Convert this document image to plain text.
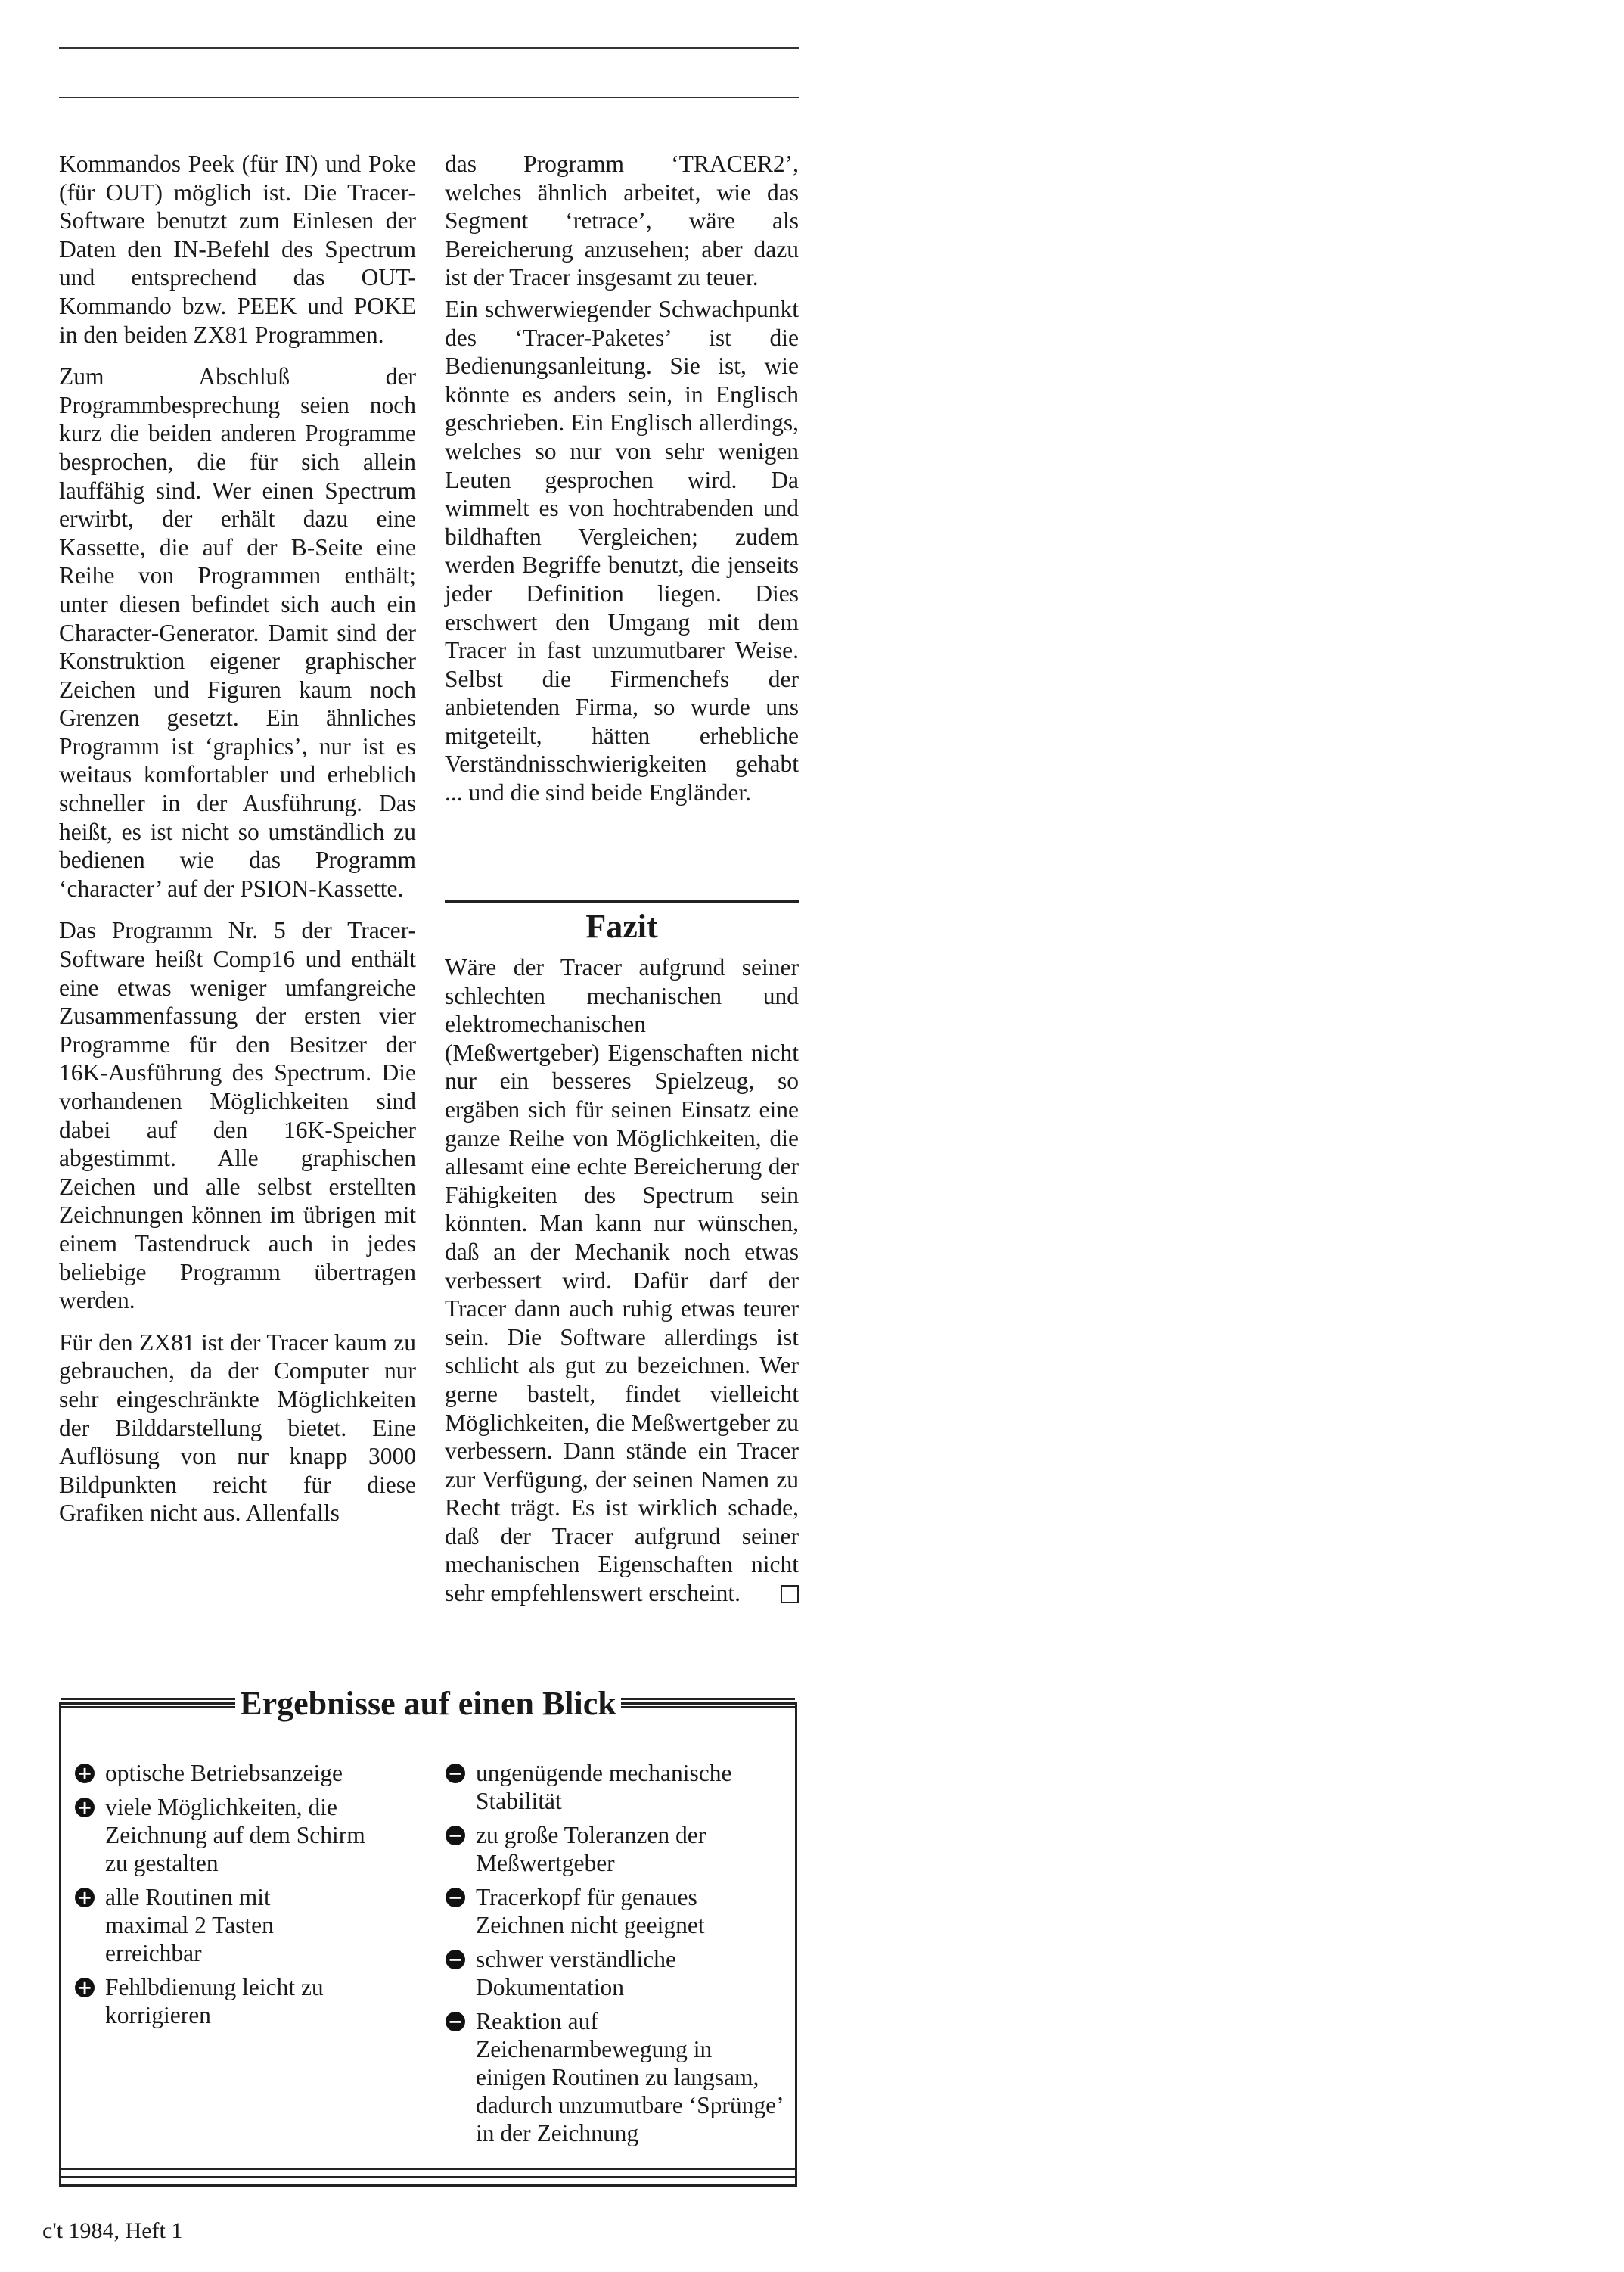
Kommandos Peek (für IN) und Poke (für OUT) möglich ist. Die Tracer-Software benutzt zum Einlesen der Daten den IN-Befehl des Spectrum und entsprechend das OUT-Kommando bzw. PEEK und POKE in den beiden ZX81 Programmen.

Zum Abschluß der Programmbesprechung seien noch kurz die beiden anderen Programme besprochen, die für sich allein lauffähig sind. Wer einen Spectrum erwirbt, der erhält dazu eine Kassette, die auf der B-Seite eine Reihe von Programmen enthält; unter diesen befindet sich auch ein Character-Generator. Damit sind der Konstruktion eigener graphischer Zeichen und Figuren kaum noch Grenzen gesetzt. Ein ähnliches Programm ist ‘graphics’, nur ist es weitaus komfortabler und erheblich schneller in der Ausführung. Das heißt, es ist nicht so umständlich zu bedienen wie das Programm ‘character’ auf der PSION-Kassette.

Das Programm Nr. 5 der Tracer-Software heißt Comp16 und enthält eine etwas weniger umfangreiche Zusammenfassung der ersten vier Programme für den Besitzer der 16K-Ausführung des Spectrum. Die vorhandenen Möglichkeiten sind dabei auf den 16K-Speicher abgestimmt. Alle graphischen Zeichen und alle selbst erstellten Zeichnungen können im übrigen mit einem Tastendruck auch in jedes beliebige Programm übertragen werden.

Für den ZX81 ist der Tracer kaum zu gebrauchen, da der Computer nur sehr eingeschränkte Möglichkeiten der Bilddarstellung bietet. Eine Auflösung von nur knapp 3000 Bildpunkten reicht für diese Grafiken nicht aus. Allenfalls

das Programm ‘TRACER2’, welches ähnlich arbeitet, wie das Segment ‘retrace’, wäre als Bereicherung anzusehen; aber dazu ist der Tracer insgesamt zu teuer.

Ein schwerwiegender Schwachpunkt des ‘Tracer-Paketes’ ist die Bedienungsanleitung. Sie ist, wie könnte es anders sein, in Englisch geschrieben. Ein Englisch allerdings, welches so nur von sehr wenigen Leuten gesprochen wird. Da wimmelt es von hochtrabenden und bildhaften Vergleichen; zudem werden Begriffe benutzt, die jenseits jeder Definition liegen. Dies erschwert den Umgang mit dem Tracer in fast unzumutbarer Weise. Selbst die Firmenchefs der anbietenden Firma, so wurde uns mitgeteilt, hätten erhebliche Verständnisschwierigkeiten gehabt ... und die sind beide Engländer.

Fazit

Wäre der Tracer aufgrund seiner schlechten mechanischen und elektromechanischen (Meßwertgeber) Eigenschaften nicht nur ein besseres Spielzeug, so ergäben sich für seinen Einsatz eine ganze Reihe von Möglichkeiten, die allesamt eine echte Bereicherung der Fähigkeiten des Spectrum sein könnten. Man kann nur wünschen, daß an der Mechanik noch etwas verbessert wird. Dafür darf der Tracer dann auch ruhig etwas teurer sein. Die Software allerdings ist schlicht als gut zu bezeichnen. Wer gerne bastelt, findet vielleicht Möglichkeiten, die Meßwertgeber zu verbessern. Dann stände ein Tracer zur Verfügung, der seinen Namen zu Recht trägt. Es ist wirklich schade, daß der Tracer aufgrund seiner mechanischen Eigenschaften nicht sehr empfehlenswert erscheint.

Ergebnisse auf einen Blick
+ optische Betriebsanzeige
+ viele Möglichkeiten, die Zeichnung auf dem Schirm zu gestalten
+ alle Routinen mit maximal 2 Tasten erreichbar
+ Fehlbdienung leicht zu korrigieren
− ungenügende mechanische Stabilität
− zu große Toleranzen der Meßwertgeber
− Tracerkopf für genaues Zeichnen nicht geeignet
− schwer verständliche Dokumentation
− Reaktion auf Zeichenarmbewegung in einigen Routinen zu langsam, dadurch unzumutbare ‘Sprünge’ in der Zeichnung
c't 1984, Heft 1
